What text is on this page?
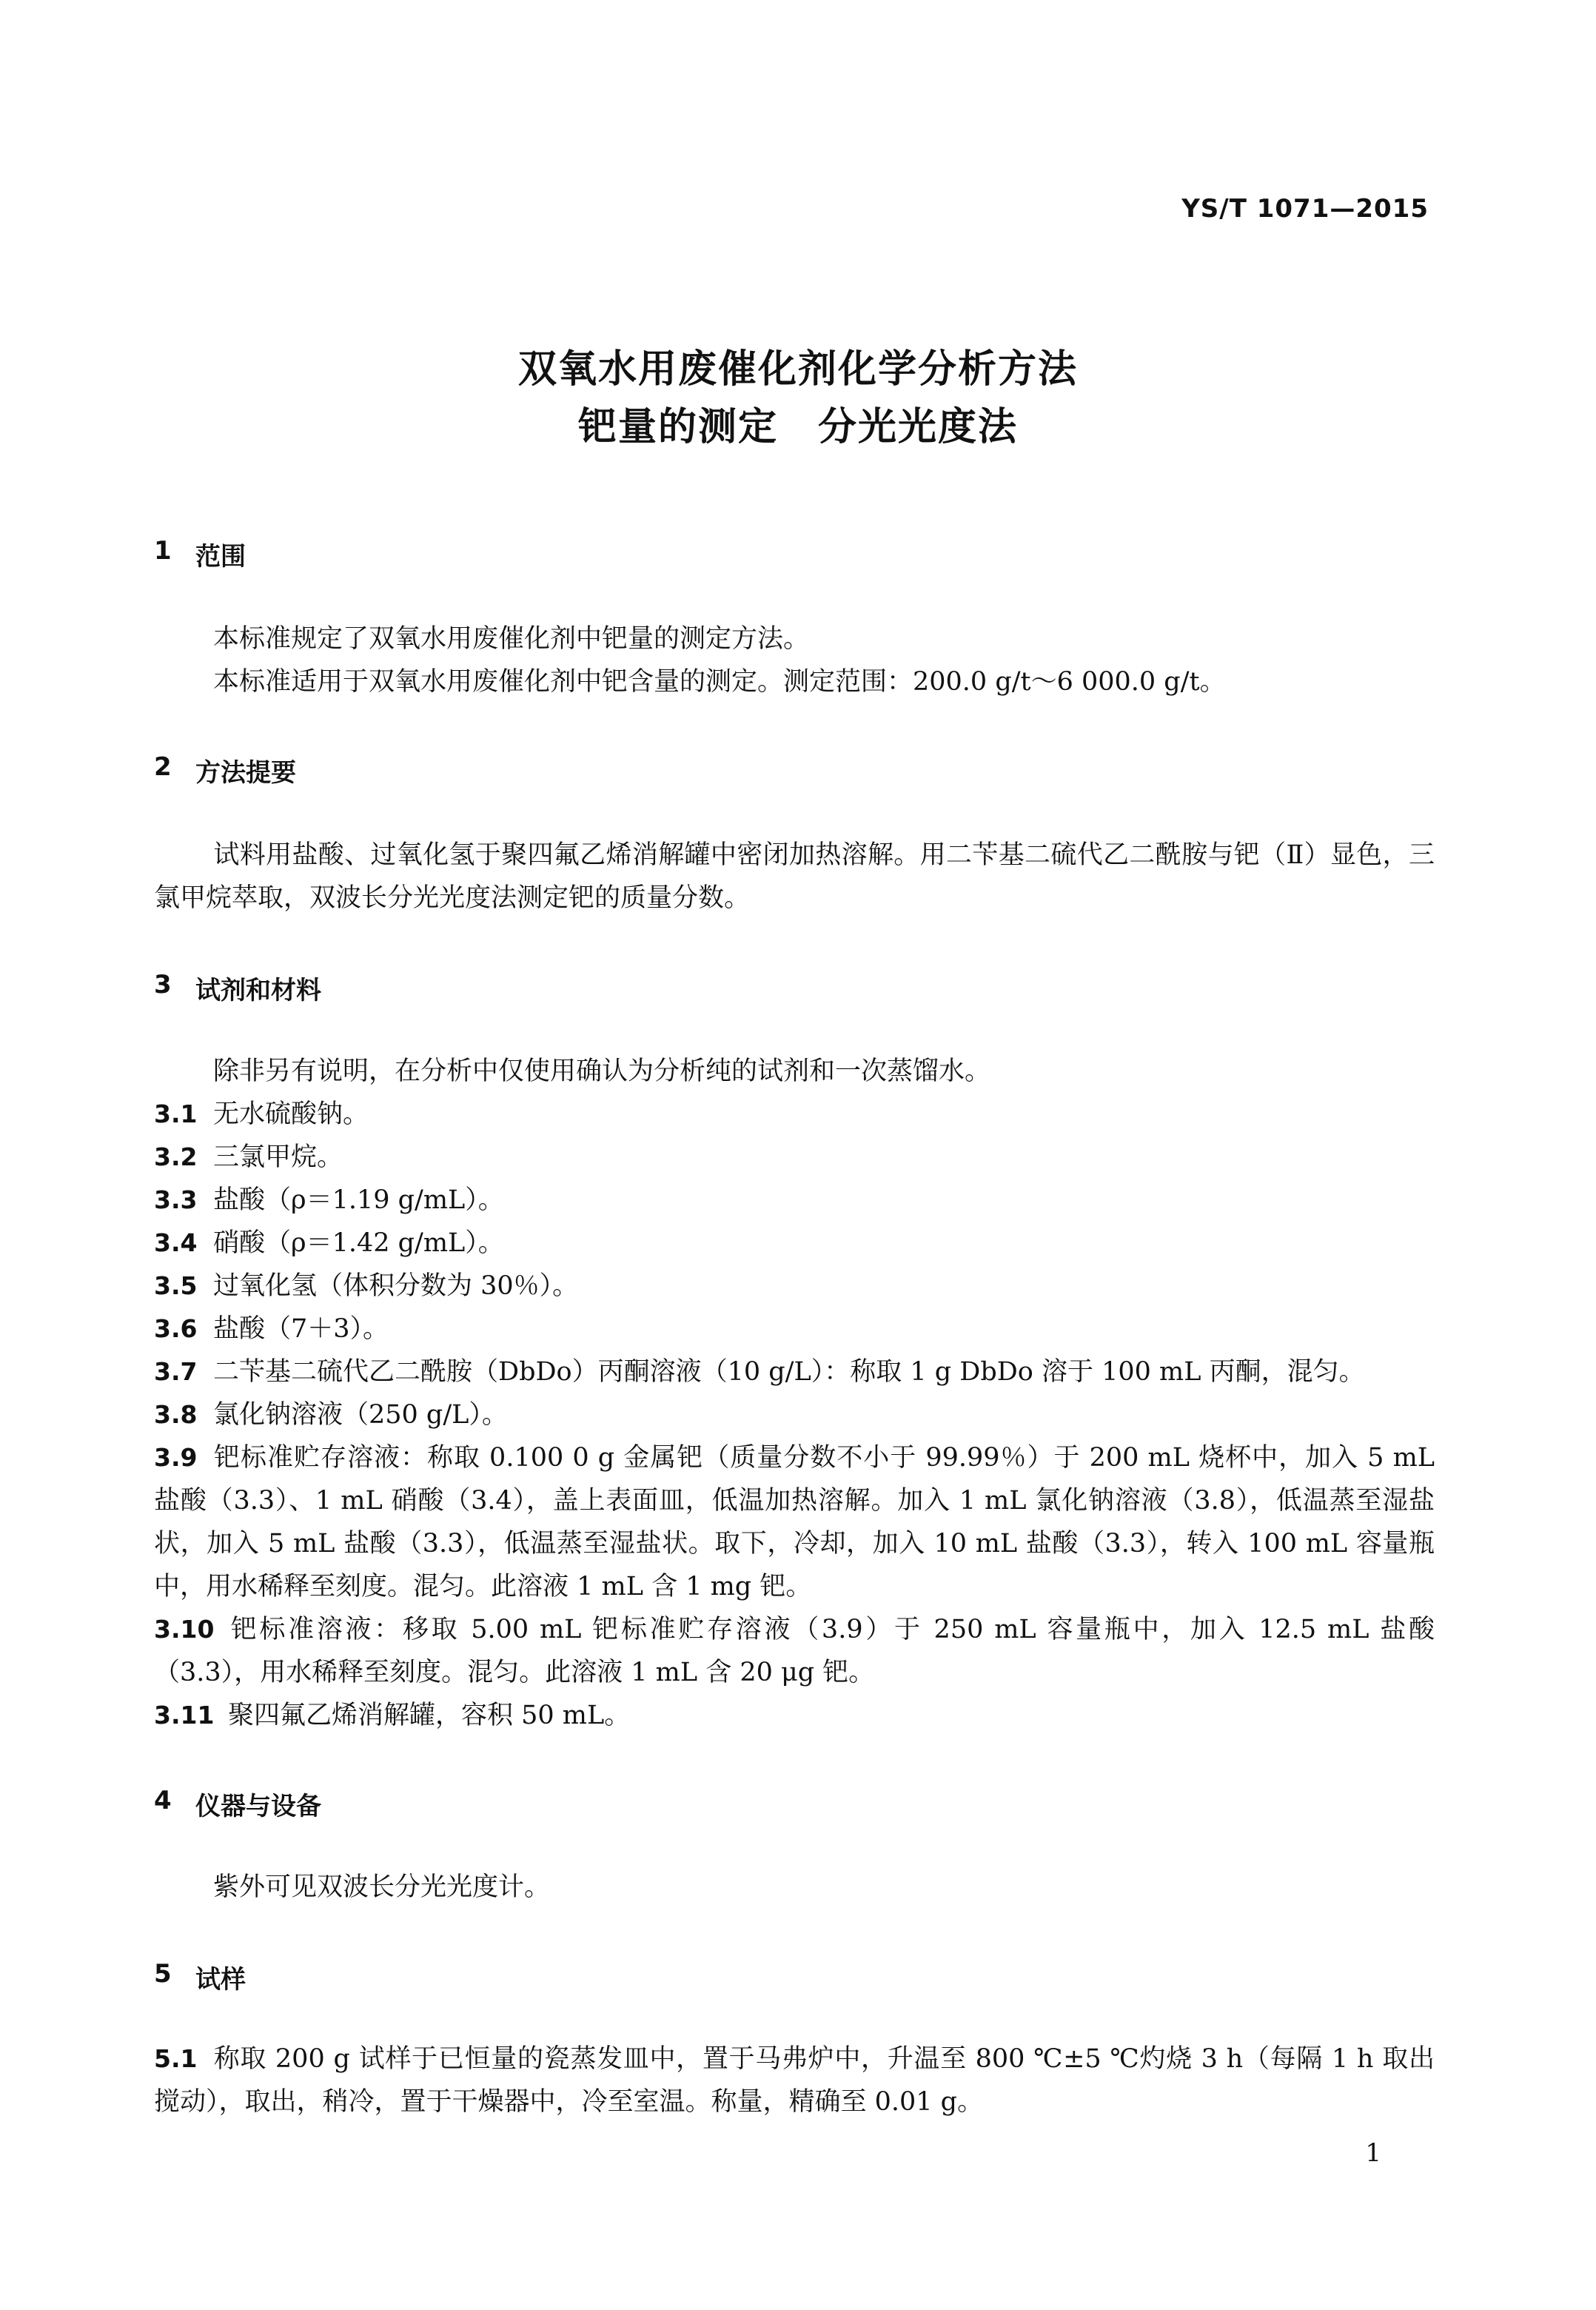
YS/T 1071—2015
双氧水用废催化剂化学分析方法
钯量的测定　分光光度法
1 范围
本标准规定了双氧水用废催化剂中钯量的测定方法。
本标准适用于双氧水用废催化剂中钯含量的测定。测定范围：200.0 g/t～6 000.0 g/t。
2 方法提要
试料用盐酸、过氧化氢于聚四氟乙烯消解罐中密闭加热溶解。用二苄基二硫代乙二酰胺与钯（Ⅱ）显色，三氯甲烷萃取，双波长分光光度法测定钯的质量分数。
3 试剂和材料
除非另有说明，在分析中仅使用确认为分析纯的试剂和一次蒸馏水。
3.1 无水硫酸钠。
3.2 三氯甲烷。
3.3 盐酸（ρ＝1.19 g/mL）。
3.4 硝酸（ρ＝1.42 g/mL）。
3.5 过氧化氢（体积分数为 30％）。
3.6 盐酸（7＋3）。
3.7 二苄基二硫代乙二酰胺（DbDo）丙酮溶液（10 g/L）：称取 1 g DbDo 溶于 100 mL 丙酮，混匀。
3.8 氯化钠溶液（250 g/L）。
3.9 钯标准贮存溶液：称取 0.100 0 g 金属钯（质量分数不小于 99.99％）于 200 mL 烧杯中，加入 5 mL 盐酸（3.3）、1 mL 硝酸（3.4），盖上表面皿，低温加热溶解。加入 1 mL 氯化钠溶液（3.8），低温蒸至湿盐状，加入 5 mL 盐酸（3.3），低温蒸至湿盐状。取下，冷却，加入 10 mL 盐酸（3.3），转入 100 mL 容量瓶中，用水稀释至刻度。混匀。此溶液 1 mL 含 1 mg 钯。
3.10 钯标准溶液：移取 5.00 mL 钯标准贮存溶液（3.9）于 250 mL 容量瓶中，加入 12.5 mL 盐酸（3.3），用水稀释至刻度。混匀。此溶液 1 mL 含 20 μg 钯。
3.11 聚四氟乙烯消解罐，容积 50 mL。
4 仪器与设备
紫外可见双波长分光光度计。
5 试样
5.1 称取 200 g 试样于已恒量的瓷蒸发皿中，置于马弗炉中，升温至 800 ℃±5 ℃灼烧 3 h（每隔 1 h 取出搅动），取出，稍冷，置于干燥器中，冷至室温。称量，精确至 0.01 g。
1
